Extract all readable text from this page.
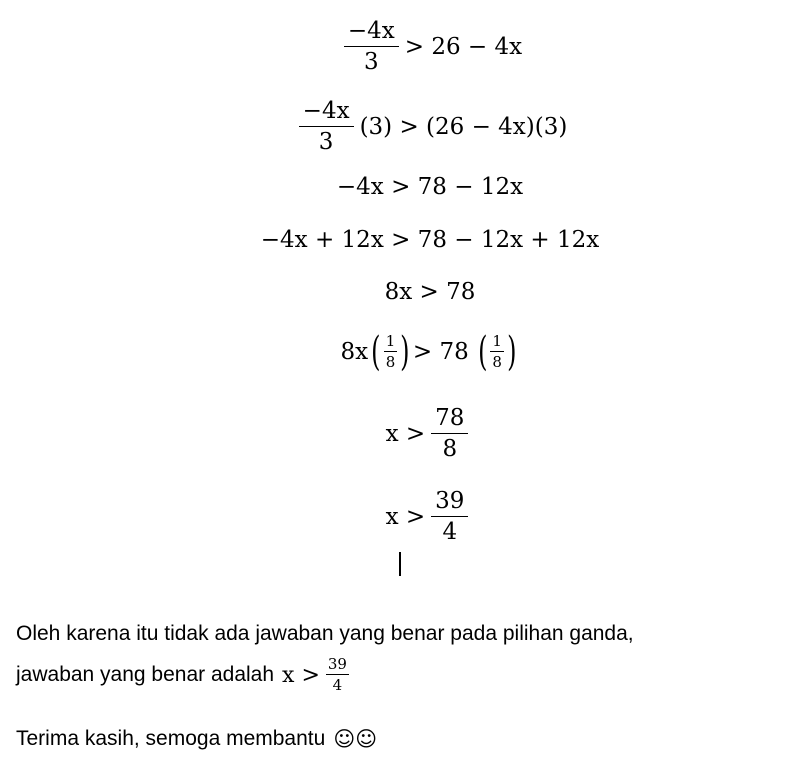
$\frac{-4x}{3} > 26 - 4x$
$\frac{-4x}{3} (3) > (26 - 4x)(3)$
−4x > 78 − 12x
−4x + 12x > 78 − 12x + 12x
8x > 78
8x ( $\frac{1}{8}$ ) > 78 ( $\frac{1}{8}$ )
$x > \frac{78}{8}$
$x > \frac{39}{4}$
Oleh karena itu tidak ada jawaban yang benar pada pilihan ganda,
jawaban yang benar adalah $x > \frac{39}{4}$
Terima kasih, semoga membantu ☺☺
